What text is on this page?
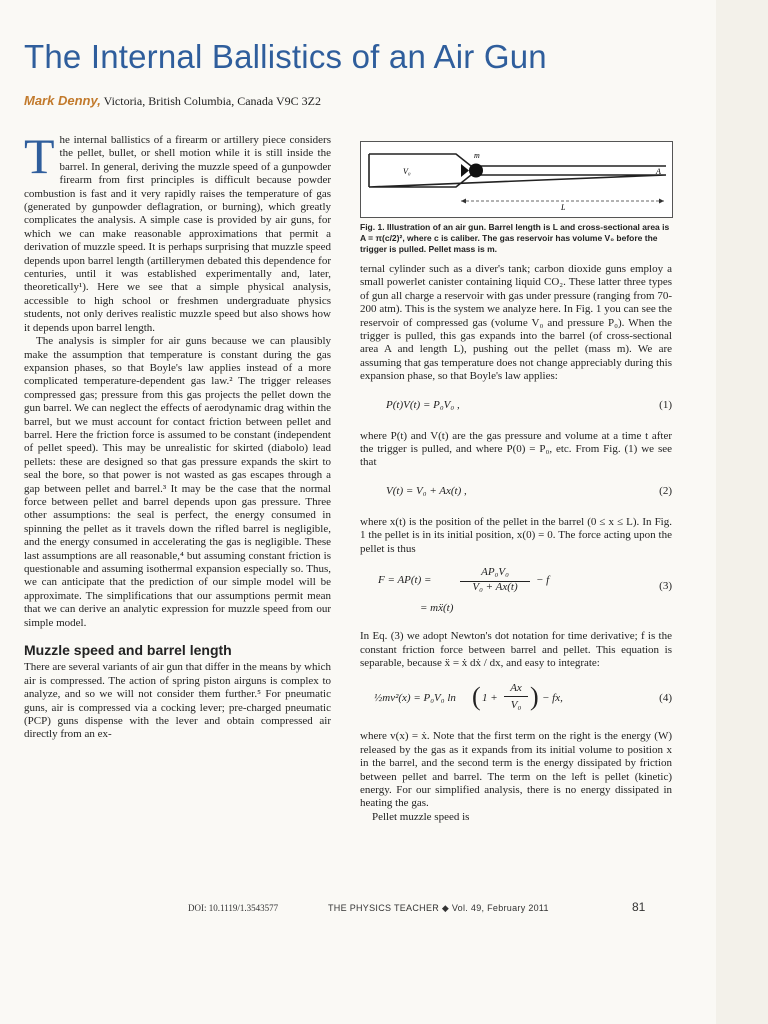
The Internal Ballistics of an Air Gun
Mark Denny, Victoria, British Columbia, Canada V9C 3Z2

The internal ballistics of a firearm or artillery piece considers the pellet, bullet, or shell motion while it is still inside the barrel. In general, deriving the muzzle speed of a gunpowder firearm from first principles is difficult because powder combustion is fast and it very rapidly raises the temperature of gas (generated by gunpowder deflagration, or burning), which greatly complicates the analysis. A simple case is provided by air guns, for which we can make reasonable approximations that permit a derivation of muzzle speed. It is perhaps surprising that muzzle speed depends upon barrel length (artillerymen debated this dependence for centuries, until it was established experimentally and, later, theoretically¹). Here we see that a simple physical analysis, accessible to high school or freshmen undergraduate physics students, not only derives realistic muzzle speed but also shows how it depends upon barrel length.

The analysis is simpler for air guns because we can plausibly make the assumption that temperature is constant during the gas expansion phases, so that Boyle's law applies instead of a more complicated temperature-dependent gas law.² The trigger releases compressed gas; pressure from this gas projects the pellet down the gun barrel. We can neglect the effects of aerodynamic drag within the barrel, but we must account for contact friction between pellet and barrel. Here the friction force is assumed to be constant (independent of pellet speed). This may be unrealistic for skirted (diabolo) lead pellets: these are designed so that gas pressure expands the skirt to seal the bore, so that power is not wasted as gas escapes through a gap between pellet and barrel.³ It may be the case that the normal force between pellet and barrel depends upon gas pressure. Three other assumptions: the seal is perfect, the energy consumed in spinning the pellet as it travels down the rifled barrel is negligible, and the energy consumed in accelerating the gas is negligible. These last assumptions are all reasonable,⁴ but assuming constant friction is questionable and assuming isothermal expansion especially so. Thus, we can anticipate that the prediction of our simple model will be approximate. The simplifications that our assumptions permit mean that we can derive an analytic expression for muzzle speed from our simple model.

Muzzle speed and barrel length

There are several variants of air gun that differ in the means by which air is compressed. The action of spring piston airguns is complex to analyze, and so we will not consider them further.⁵ For pneumatic guns, air is compressed via a cocking lever; pre-charged pneumatic (PCP) guns dispense with the lever and obtain compressed air directly from an ex-

V₀
m
A
L
Fig. 1. Illustration of an air gun. Barrel length is L and cross-sectional area is A = π(c/2)², where c is caliber. The gas reservoir has volume V₀ before the trigger is pulled. Pellet mass is m.

ternal cylinder such as a diver's tank; carbon dioxide guns employ a small powerlet canister containing liquid CO₂. These latter three types of gun all charge a reservoir with gas under pressure (ranging from 70-200 atm). This is the system we analyze here. In Fig. 1 you can see the reservoir of compressed gas (volume V₀ and pressure P₀). When the trigger is pulled, this gas expands into the barrel (of cross-sectional area A and length L), pushing out the pellet (mass m). We are assuming that gas temperature does not change appreciably during this expansion phase, so that Boyle's law applies:

P(t)V(t) = P₀V₀ ,	(1)

where P(t) and V(t) are the gas pressure and volume at a time t after the trigger is pulled, and where P(0) = P₀, etc. From Fig. (1) we see that

V(t) = V₀ + Ax(t) ,	(2)

where x(t) is the position of the pellet in the barrel (0 ≤ x ≤ L). In Fig. 1 the pellet is in its initial position, x(0) = 0. The force acting upon the pellet is thus

F = AP(t) =
AP₀V₀
V₀ + Ax(t)
− f
= mẍ(t)
(3)

In Eq. (3) we adopt Newton's dot notation for time derivative; f is the constant friction force between barrel and pellet. This equation is separable, because ẍ = ẋ dẋ / dx, and easy to integrate:

½mv²(x) = P₀V₀ ln ( 1 +
Ax
V₀ ) − fx,	(4)

where v(x) = ẋ. Note that the first term on the right is the energy (W) released by the gas as it expands from its initial volume to position x in the barrel, and the second term is the energy dissipated by friction between pellet and barrel. The term on the left is pellet (kinetic) energy. For our simplified analysis, there is no energy dissipated in heating the gas.

Pellet muzzle speed is

DOI: 10.1119/1.3543577	THE PHYSICS TEACHER ◆ Vol. 49, February 2011	81
